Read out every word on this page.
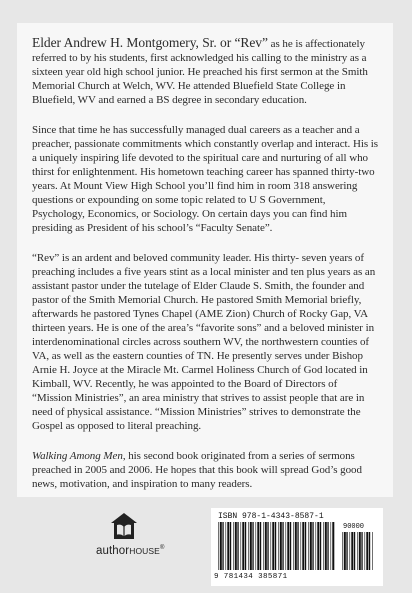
Elder Andrew H. Montgomery, Sr. or “Rev” as he is affectionately referred to by his students, first acknowledged his calling to the ministry as a sixteen year old high school junior. He preached his first sermon at the Smith Memorial Church at Welch, WV. He attended Bluefield State College in Bluefield, WV and earned a BS degree in secondary education.

Since that time he has successfully managed dual careers as a teacher and a preacher, passionate commitments which constantly overlap and interact. His is a uniquely inspiring life devoted to the spiritual care and nurturing of all who thirst for enlightenment. His hometown teaching career has spanned thirty-two years. At Mount View High School you’ll find him in room 318 answering questions or expounding on some topic related to U S Government, Psychology, Economics, or Sociology. On certain days you can find him presiding as President of his school’s “Faculty Senate”.

“Rev” is an ardent and beloved community leader. His thirty- seven years of preaching includes a five years stint as a local minister and ten plus years as an assistant pastor under the tutelage of Elder Claude S. Smith, the founder and pastor of the Smith Memorial Church. He pastored Smith Memorial briefly, afterwards he pastored Tynes Chapel (AME Zion) Church of Rocky Gap, VA thirteen years. He is one of the area’s “favorite sons” and a beloved minister in interdenominational circles across southern WV, the northwestern counties of VA, as well as the eastern counties of TN. He presently serves under Bishop Arnie H. Joyce at the Miracle Mt. Carmel Holiness Church of God located in Kimball, WV. Recently, he was appointed to the Board of Directors of “Mission Ministries”, an area ministry that strives to assist people that are in need of physical assistance. “Mission Ministries” strives to demonstrate the Gospel as opposed to literal preaching.

Walking Among Men, his second book originated from a series of sermons preached in 2005 and 2006. He hopes that this book will spread God’s good news, motivation, and inspiration to many readers.

authorHOUSE®
ISBN 978-1-4343-8587-1
90000
9 781434 385871
